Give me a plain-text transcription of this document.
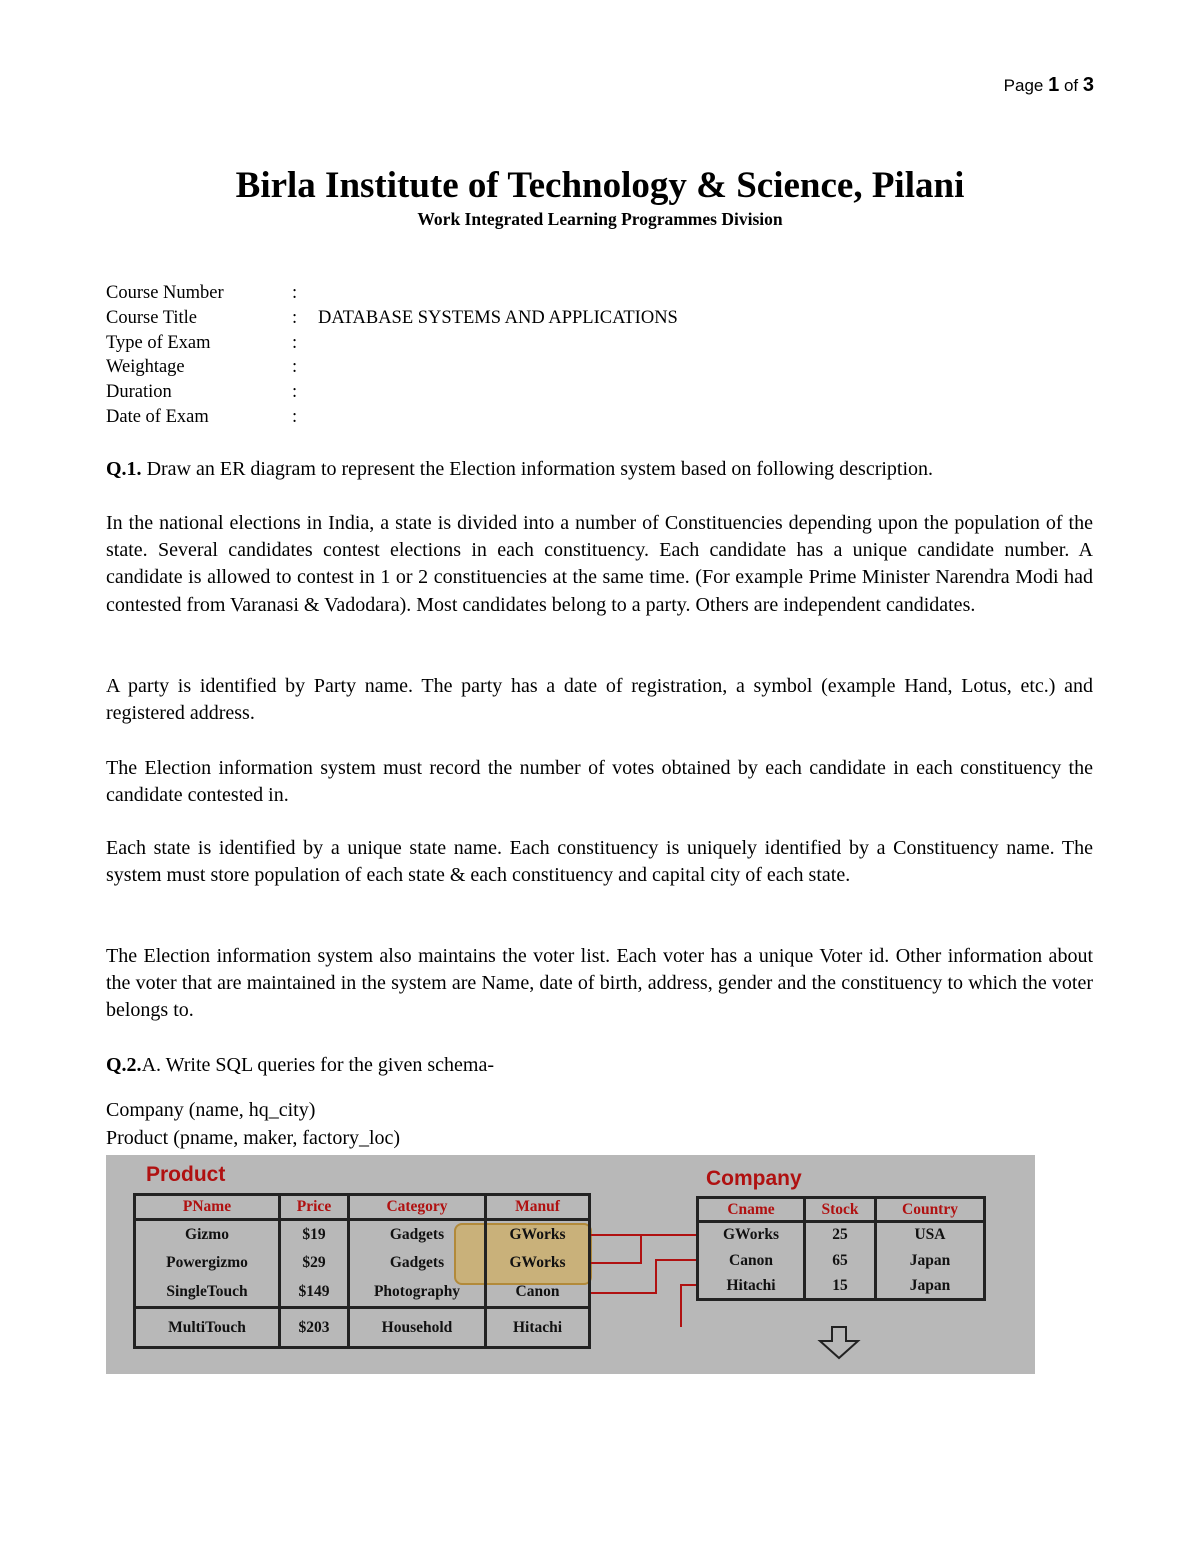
Page 1 of 3
Birla Institute of Technology & Science, Pilani
Work Integrated Learning Programmes Division
Course Number	:
Course Title	:	DATABASE SYSTEMS AND APPLICATIONS
Type of Exam	:
Weightage	:
Duration	:
Date of Exam	:

Q.1. Draw an ER diagram to represent the Election information system based on following description.

In the national elections in India, a state is divided into a number of Constituencies depending upon the population of the state. Several candidates contest elections in each constituency. Each candidate has a unique candidate number. A candidate is allowed to contest in 1 or 2 constituencies at the same time. (For example Prime Minister Narendra Modi had contested from Varanasi & Vadodara). Most candidates belong to a party. Others are independent candidates.

A party is identified by Party name. The party has a date of registration, a symbol (example Hand, Lotus, etc.) and registered address.

The Election information system must record the number of votes obtained by each candidate in each constituency the candidate contested in.

Each state is identified by a unique state name. Each constituency is uniquely identified by a Constituency name. The system must store population of each state & each constituency and capital city of each state.

The Election information system also maintains the voter list. Each voter has a unique Voter id. Other information about the voter that are maintained in the system are Name, date of birth, address, gender and the constituency to which the voter belongs to.

Q.2.A. Write SQL queries for the given schema-

Company (name, hq_city)
Product (pname, maker, factory_loc)
Product	Company
PName	Price	Category	Manuf
Gizmo	$19	Gadgets	GWorks
Powergizmo	$29	Gadgets	GWorks
SingleTouch	$149	Photography	Canon
MultiTouch	$203	Household	Hitachi
Cname	Stock	Country
GWorks	25	USA
Canon	65	Japan
Hitachi	15	Japan
